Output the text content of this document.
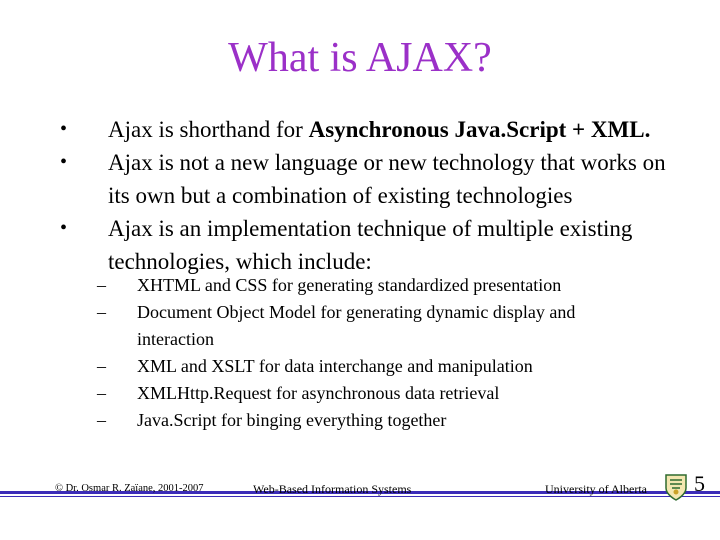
What is AJAX?
• Ajax is shorthand for Asynchronous Java.Script + XML.
• Ajax is not a new language or new technology that works on
its own but a combination of existing technologies
• Ajax is an implementation technique of multiple existing
technologies, which include:
– XHTML and CSS for generating standardized presentation
– Document Object Model for generating dynamic display and
interaction
– XML and XSLT for data interchange and manipulation
– XMLHttp.Request for asynchronous data retrieval
– Java.Script for binging everything together
© Dr. Osmar R. Zaïane, 2001-2007	Web-Based Information Systems	University of Alberta 5
